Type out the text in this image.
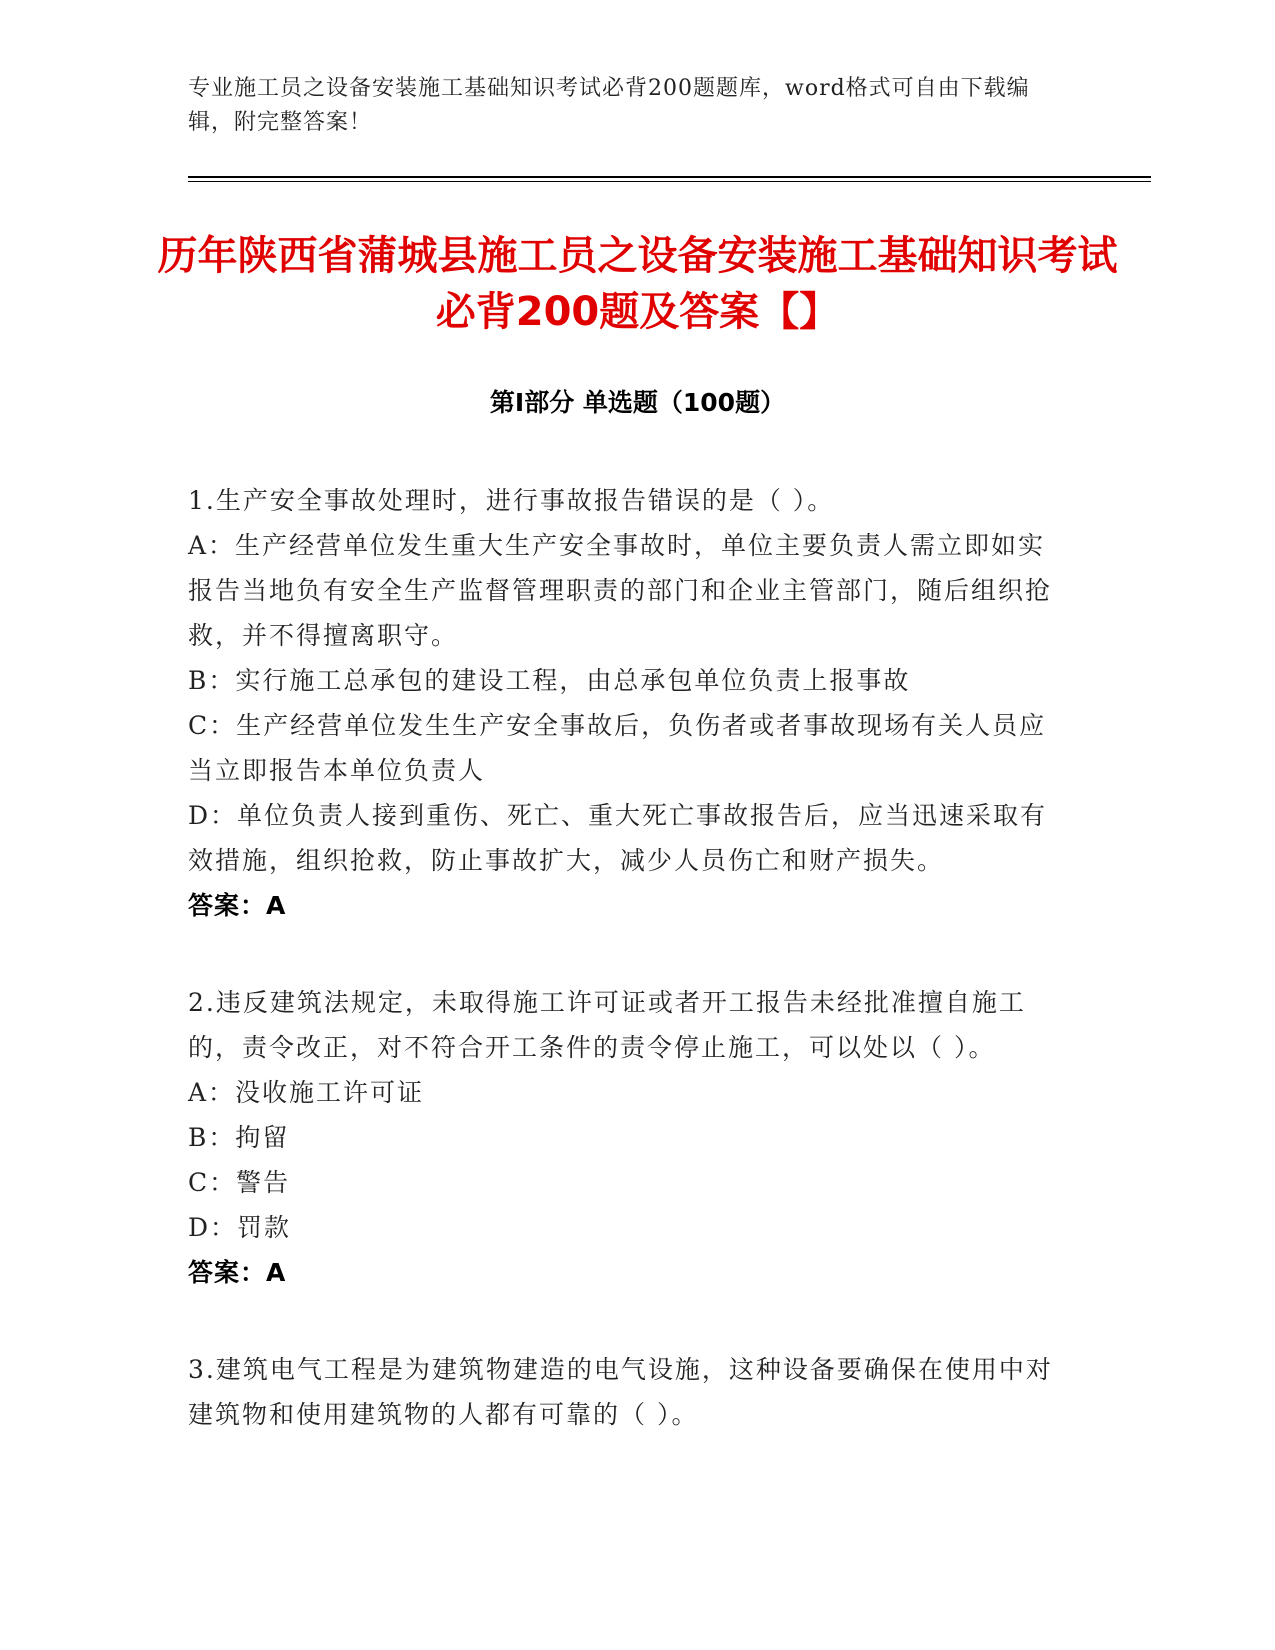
专业施工员之设备安装施工基础知识考试必背200题题库，word格式可自由下载编辑，附完整答案！
历年陕西省蒲城县施工员之设备安装施工基础知识考试必背200题及答案【】
第Ⅰ部分 单选题（100题）

1.生产安全事故处理时，进行事故报告错误的是（ ）。

A：生产经营单位发生重大生产安全事故时，单位主要负责人需立即如实报告当地负有安全生产监督管理职责的部门和企业主管部门，随后组织抢救，并不得擅离职守。

B：实行施工总承包的建设工程，由总承包单位负责上报事故

C：生产经营单位发生生产安全事故后，负伤者或者事故现场有关人员应当立即报告本单位负责人

D：单位负责人接到重伤、死亡、重大死亡事故报告后，应当迅速采取有效措施，组织抢救，防止事故扩大，减少人员伤亡和财产损失。

答案：A

2.违反建筑法规定，未取得施工许可证或者开工报告未经批准擅自施工的，责令改正，对不符合开工条件的责令停止施工，可以处以（ ）。

A：没收施工许可证

B：拘留

C：警告

D：罚款

答案：A

3.建筑电气工程是为建筑物建造的电气设施，这种设备要确保在使用中对建筑物和使用建筑物的人都有可靠的（ ）。
